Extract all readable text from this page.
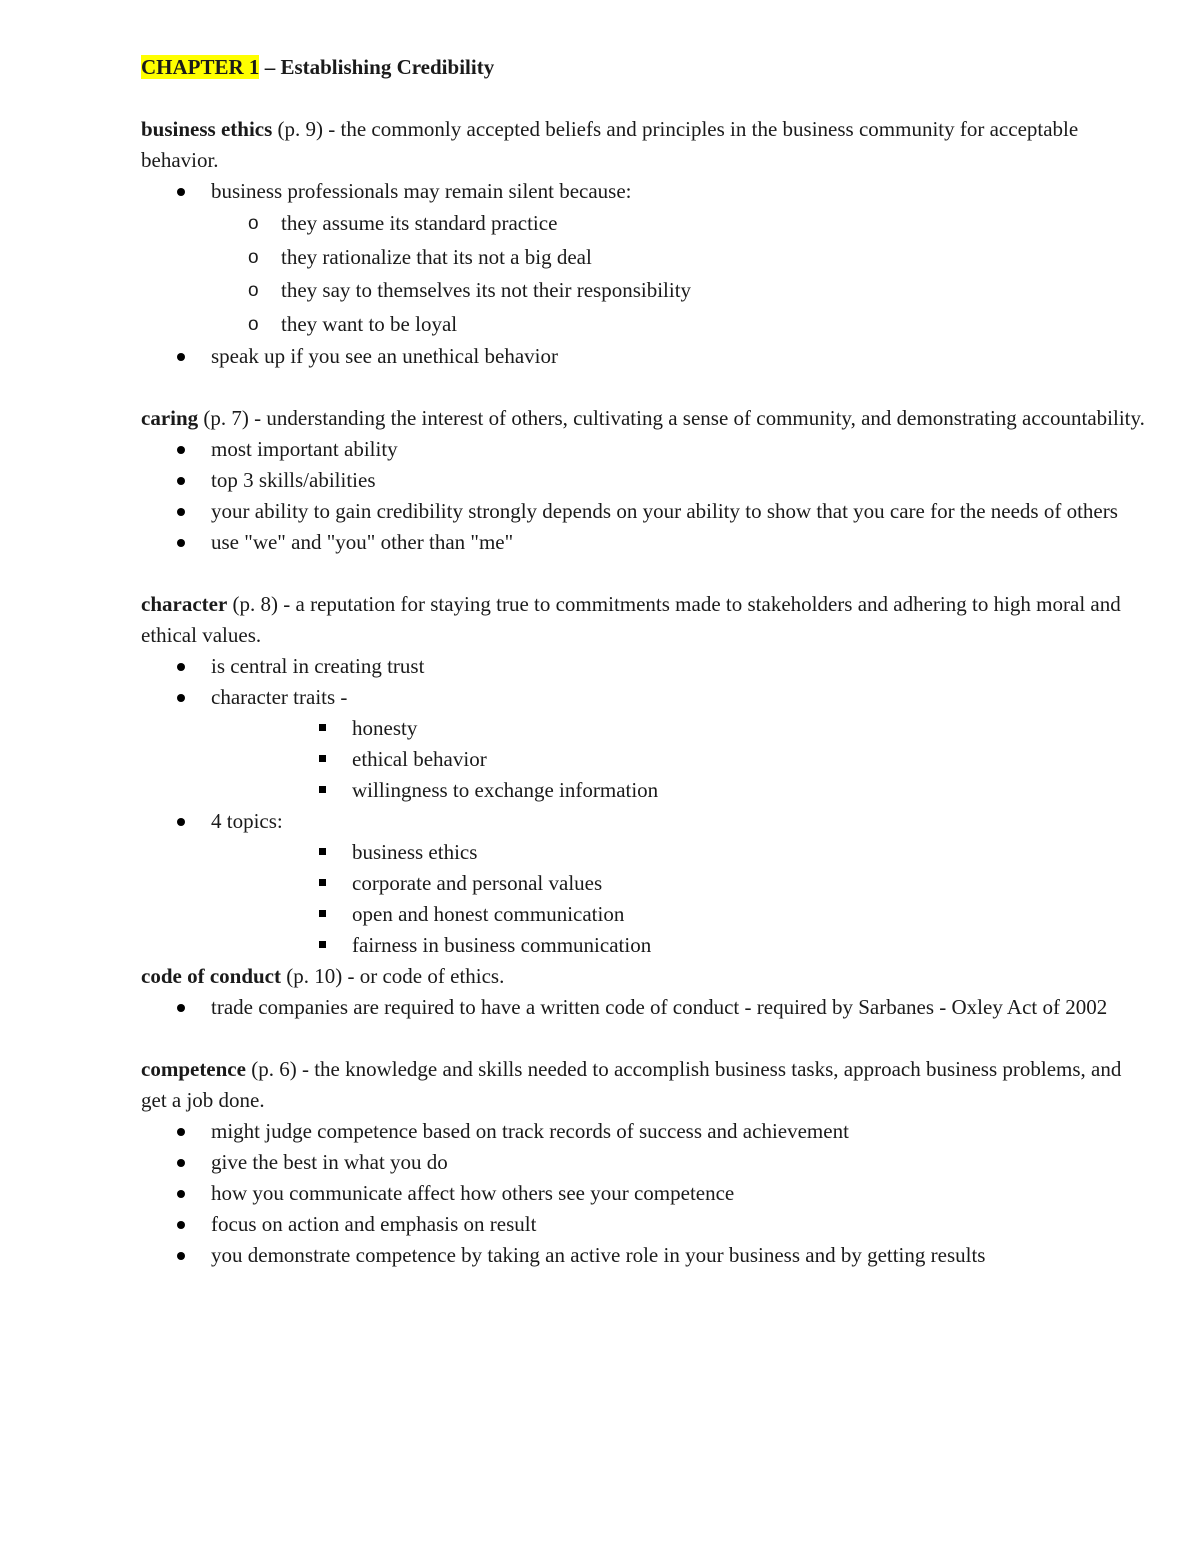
CHAPTER 1 – Establishing Credibility

business ethics (p. 9) - the commonly accepted beliefs and principles in the business community for acceptable behavior.

business professionals may remain silent because:
o they assume its standard practice
o they rationalize that its not a big deal
o they say to themselves its not their responsibility
o they want to be loyal
speak up if you see an unethical behavior

caring (p. 7) - understanding the interest of others, cultivating a sense of community, and demonstrating accountability.

most important ability
top 3 skills/abilities
your ability to gain credibility strongly depends on your ability to show that you care for the needs of others
use "we" and "you" other than "me"

character (p. 8) - a reputation for staying true to commitments made to stakeholders and adhering to high moral and ethical values.

is central in creating trust
character traits -
honesty
ethical behavior
willingness to exchange information
4 topics:
business ethics
corporate and personal values
open and honest communication
fairness in business communication

code of conduct (p. 10) - or code of ethics.

trade companies are required to have a written code of conduct - required by Sarbanes - Oxley Act of 2002

competence (p. 6) - the knowledge and skills needed to accomplish business tasks, approach business problems, and get a job done.

might judge competence based on track records of success and achievement
give the best in what you do
how you communicate affect how others see your competence
focus on action and emphasis on result
you demonstrate competence by taking an active role in your business and by getting results
